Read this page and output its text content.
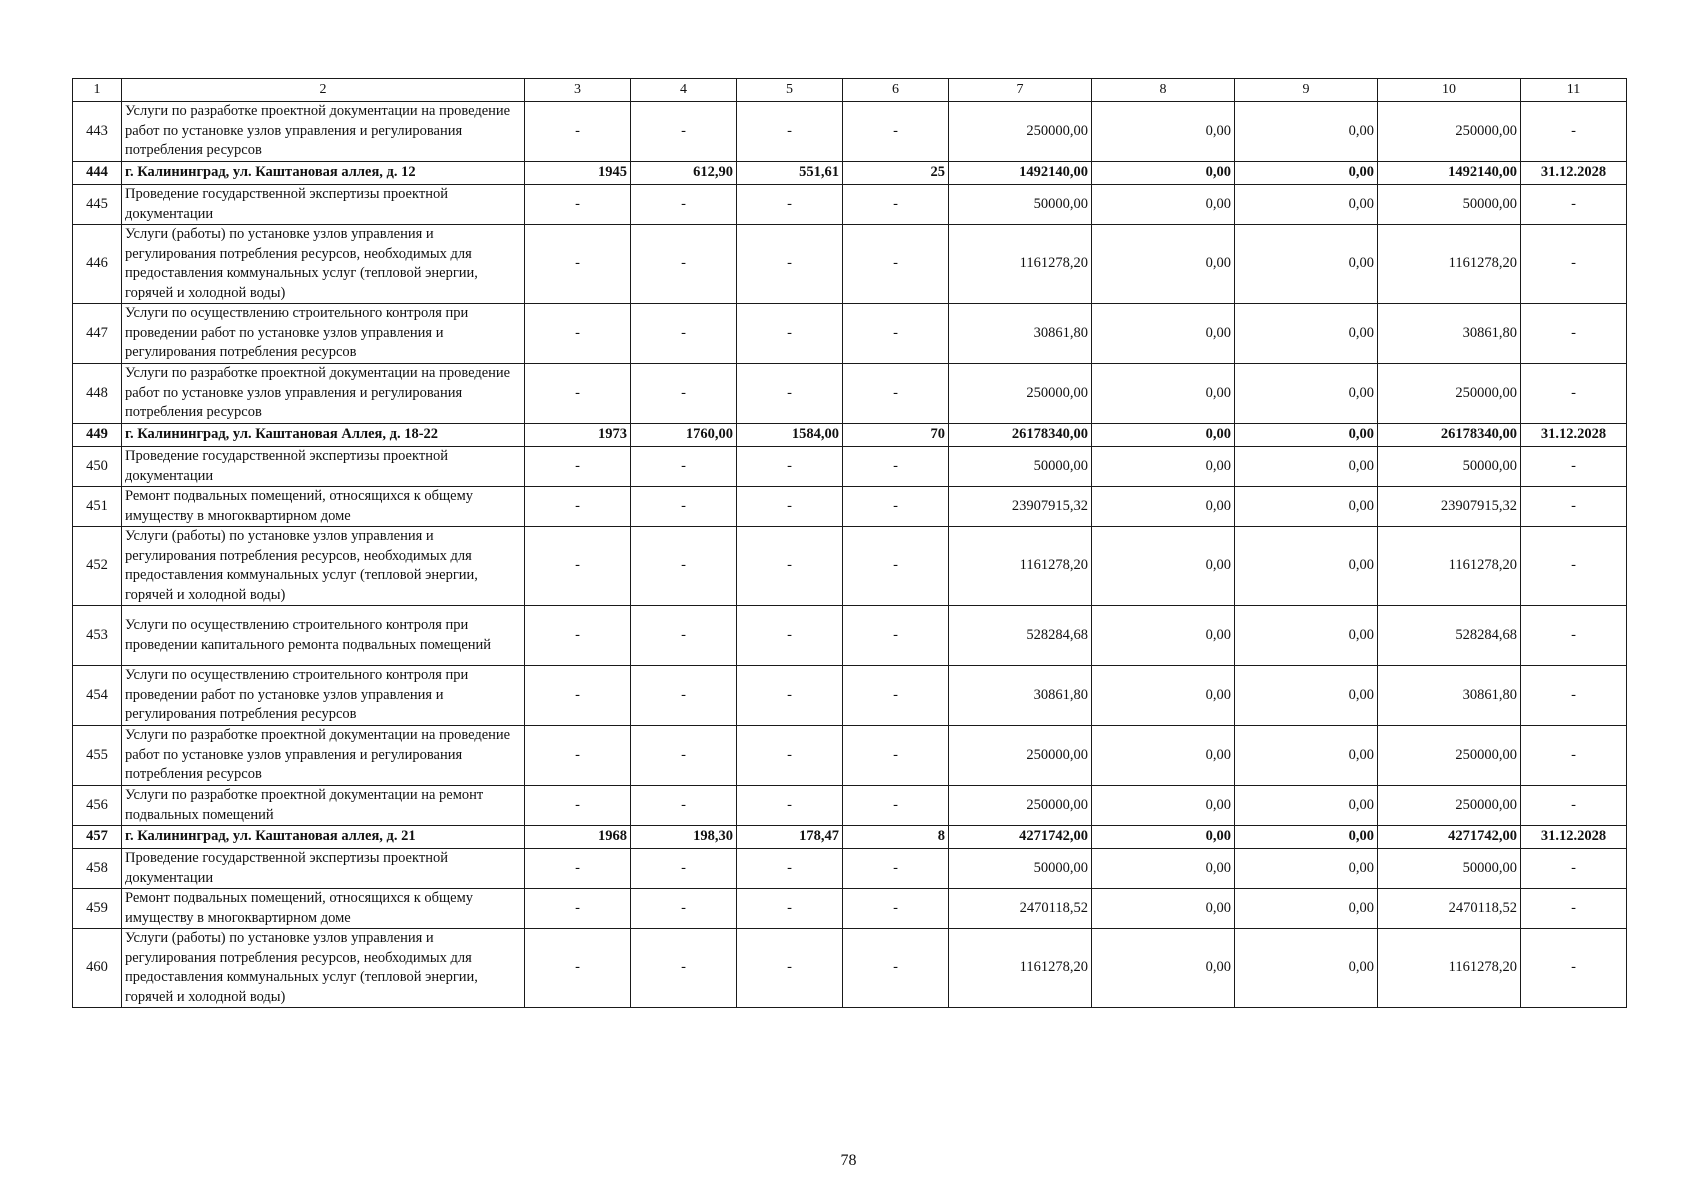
1	2	3	4	5	6	7	8	9	10	11
443	Услуги по разработке проектной документации на проведение работ по установке узлов управления и регулирования потребления ресурсов	-	-	-	-	250000,00	0,00	0,00	250000,00	-
444	г. Калининград, ул. Каштановая аллея, д. 12	1945	612,90	551,61	25	1492140,00	0,00	0,00	1492140,00	31.12.2028
445	Проведение государственной экспертизы проектной документации	-	-	-	-	50000,00	0,00	0,00	50000,00	-
446	Услуги (работы) по установке узлов управления и регулирования потребления ресурсов, необходимых для предоставления коммунальных услуг (тепловой энергии, горячей и холодной воды)	-	-	-	-	1161278,20	0,00	0,00	1161278,20	-
447	Услуги по осуществлению строительного контроля при проведении работ по установке узлов управления и регулирования потребления ресурсов	-	-	-	-	30861,80	0,00	0,00	30861,80	-
448	Услуги по разработке проектной документации на проведение работ по установке узлов управления и регулирования потребления ресурсов	-	-	-	-	250000,00	0,00	0,00	250000,00	-
449	г. Калининград, ул. Каштановая Аллея, д. 18-22	1973	1760,00	1584,00	70	26178340,00	0,00	0,00	26178340,00	31.12.2028
450	Проведение государственной экспертизы проектной документации	-	-	-	-	50000,00	0,00	0,00	50000,00	-
451	Ремонт подвальных помещений, относящихся к общему имуществу в многоквартирном доме	-	-	-	-	23907915,32	0,00	0,00	23907915,32	-
452	Услуги (работы) по установке узлов управления и регулирования потребления ресурсов, необходимых для предоставления коммунальных услуг (тепловой энергии, горячей и холодной воды)	-	-	-	-	1161278,20	0,00	0,00	1161278,20	-
453	Услуги по осуществлению строительного контроля при проведении капитального ремонта подвальных помещений	-	-	-	-	528284,68	0,00	0,00	528284,68	-
454	Услуги по осуществлению строительного контроля при проведении работ по установке узлов управления и регулирования потребления ресурсов	-	-	-	-	30861,80	0,00	0,00	30861,80	-
455	Услуги по разработке проектной документации на проведение работ по установке узлов управления и регулирования потребления ресурсов	-	-	-	-	250000,00	0,00	0,00	250000,00	-
456	Услуги по разработке проектной документации на ремонт подвальных помещений	-	-	-	-	250000,00	0,00	0,00	250000,00	-
457	г. Калининград, ул. Каштановая аллея, д. 21	1968	198,30	178,47	8	4271742,00	0,00	0,00	4271742,00	31.12.2028
458	Проведение государственной экспертизы проектной документации	-	-	-	-	50000,00	0,00	0,00	50000,00	-
459	Ремонт подвальных помещений, относящихся к общему имуществу в многоквартирном доме	-	-	-	-	2470118,52	0,00	0,00	2470118,52	-
460	Услуги (работы) по установке узлов управления и регулирования потребления ресурсов, необходимых для предоставления коммунальных услуг (тепловой энергии, горячей и холодной воды)	-	-	-	-	1161278,20	0,00	0,00	1161278,20	-
78
